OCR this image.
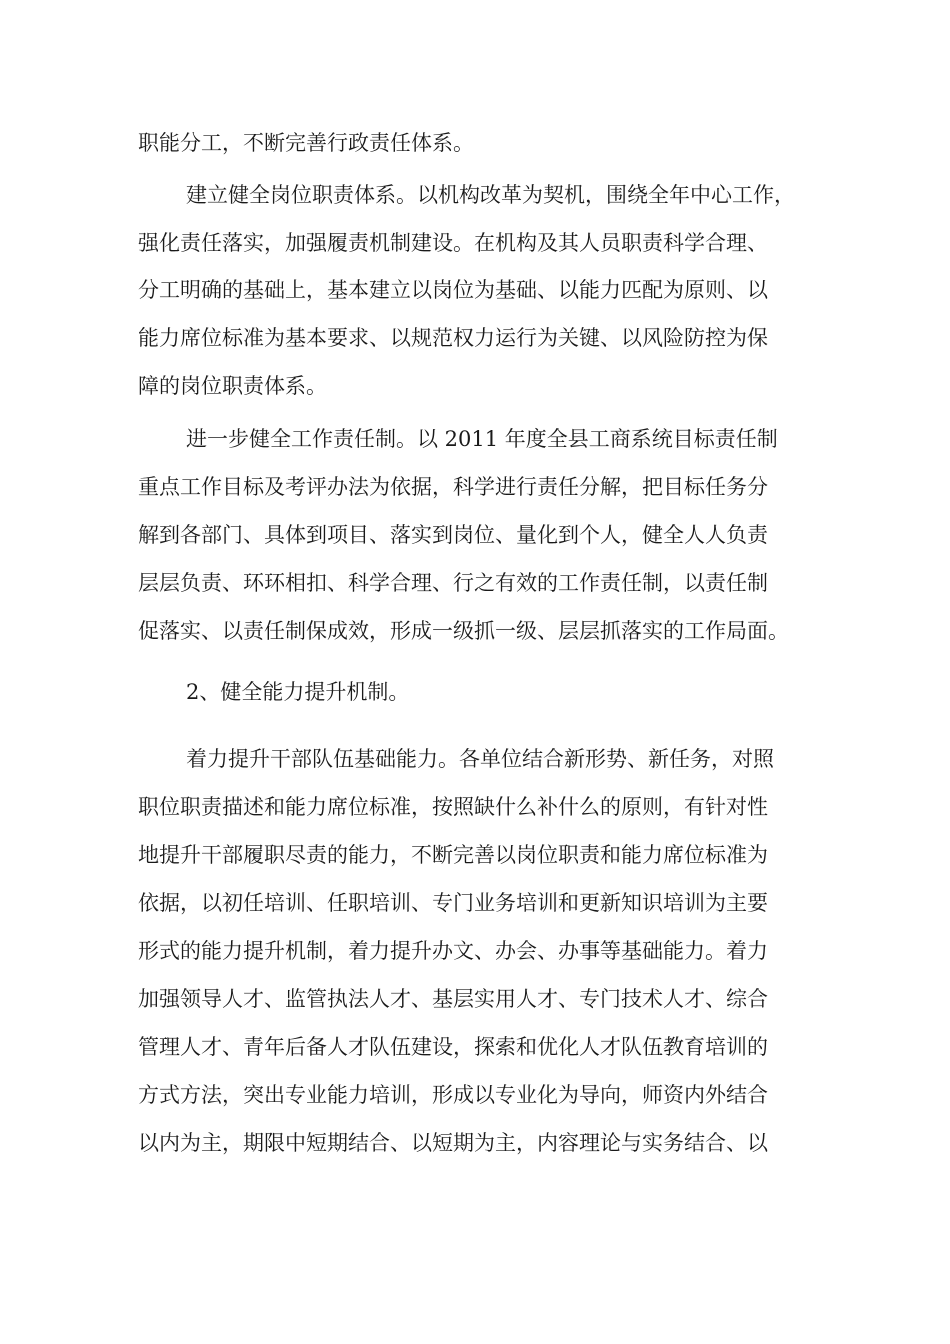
职能分工，不断完善行政责任体系。
建立健全岗位职责体系。以机构改革为契机，围绕全年中心工作，
强化责任落实，加强履责机制建设。在机构及其人员职责科学合理、
分工明确的基础上，基本建立以岗位为基础、以能力匹配为原则、以
能力席位标准为基本要求、以规范权力运行为关键、以风险防控为保
障的岗位职责体系。
进一步健全工作责任制。以 2011 年度全县工商系统目标责任制
重点工作目标及考评办法为依据，科学进行责任分解，把目标任务分
解到各部门、具体到项目、落实到岗位、量化到个人，健全人人负责
层层负责、环环相扣、科学合理、行之有效的工作责任制，以责任制
促落实、以责任制保成效，形成一级抓一级、层层抓落实的工作局面。
2、健全能力提升机制。
着力提升干部队伍基础能力。各单位结合新形势、新任务，对照
职位职责描述和能力席位标准，按照缺什么补什么的原则，有针对性
地提升干部履职尽责的能力，不断完善以岗位职责和能力席位标准为
依据，以初任培训、任职培训、专门业务培训和更新知识培训为主要
形式的能力提升机制，着力提升办文、办会、办事等基础能力。着力
加强领导人才、监管执法人才、基层实用人才、专门技术人才、综合
管理人才、青年后备人才队伍建设，探索和优化人才队伍教育培训的
方式方法，突出专业能力培训，形成以专业化为导向，师资内外结合
以内为主，期限中短期结合、以短期为主，内容理论与实务结合、以
